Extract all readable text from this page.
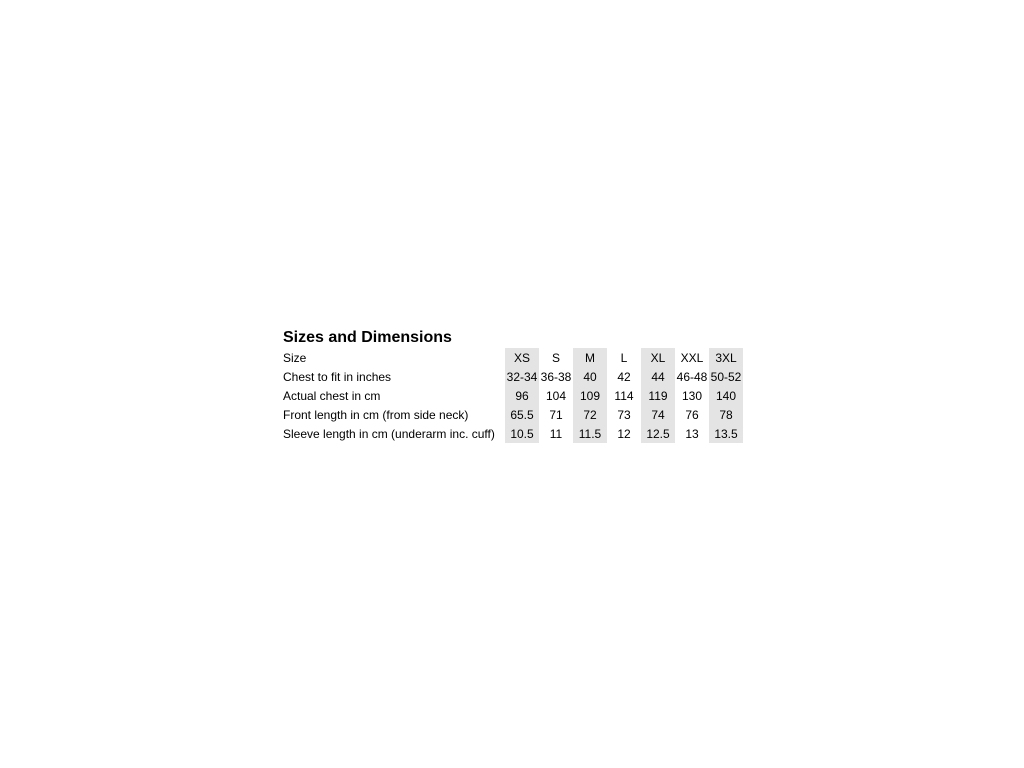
Sizes and Dimensions
Size	XS	S	M	L	XL	XXL	3XL
Chest to fit in inches	32-34	36-38	40	42	44	46-48	50-52
Actual chest in cm	96	104	109	114	119	130	140
Front length in cm (from side neck)	65.5	71	72	73	74	76	78
Sleeve length in cm (underarm inc. cuff)	10.5	11	11.5	12	12.5	13	13.5
